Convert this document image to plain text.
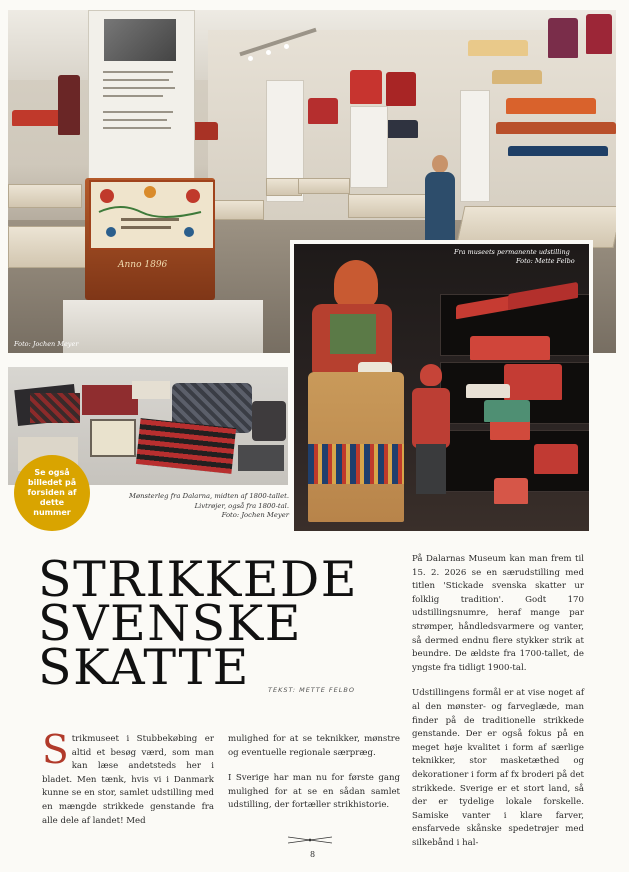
Anno 1896
Foto: Jochen Meyer
Fra museets permanente udstilling
Foto: Mette Felbo
Se også billedet på forsiden af dette nummer
Mønsterleg fra Dalarna, midten af 1800-tallet.
Livtrøjer, også fra 1800-tal.
Foto: Jochen Meyer
STRIKKEDE
SVENSKE
SKATTE	TEKST: METTE FELBO

Strikmuseet i Stubbekøbing er altid et besøg værd, som man kan læse andetsteds her i bladet. Men tænk, hvis vi i Danmark kunne se en stor, samlet udstilling med en mængde strikkede genstande fra alle dele af landet! Med

mulighed for at se teknikker, mønstre og eventuelle regionale særpræg.

I Sverige har man nu for første gang mulighed for at se en sådan samlet udstilling, der fortæller strikhistorie.

På Dalarnas Museum kan man frem til 15. 2. 2026 se en særudstilling med titlen 'Stickade svenska skatter ur folklig tradition'. Godt 170 udstillingsnumre, heraf mange par strømper, håndledsvarmere og vanter, så dermed endnu flere stykker strik at beundre. De ældste fra 1700-tallet, de yngste fra tidligt 1900-tal.

Udstillingens formål er at vise noget af al den mønster- og farveglæde, man finder på de traditionelle strikkede genstande. Der er også fokus på en meget høje kvalitet i form af særlige teknikker, stor masketæthed og dekorationer i form af fx broderi på det strikkede. Sverige er et stort land, så der er tydelige lokale forskelle. Samiske vanter i klare farver, ensfarvede skånske spedetrøjer med silkebånd i hal-

8
